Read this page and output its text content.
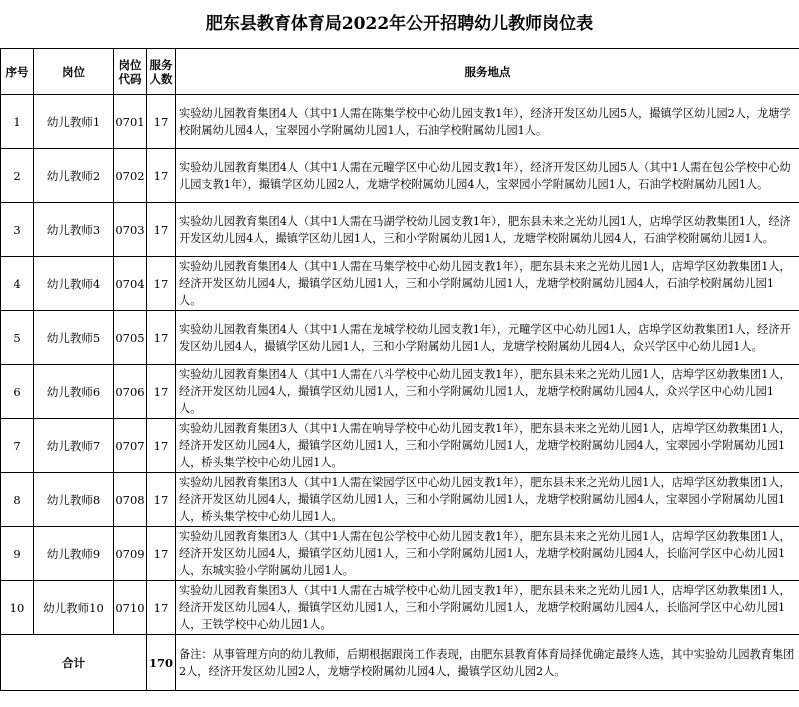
肥东县教育体育局2022年公开招聘幼儿教师岗位表
序号	岗位	岗位代码	服务人数	服务地点
1	幼儿教师1	0701	17	实验幼儿园教育集团4人（其中1人需在陈集学校中心幼儿园支教1年），经济开发区幼儿园5人，撮镇学区幼儿园2人，龙塘学校附属幼儿园4人，宝翠园小学附属幼儿园1人，石油学校附属幼儿园1人。
2	幼儿教师2	0702	17	实验幼儿园教育集团4人（其中1人需在元疃学区中心幼儿园支教1年），经济开发区幼儿园5人（其中1人需在包公学校中心幼儿园支教1年），撮镇学区幼儿园2人，龙塘学校附属幼儿园4人，宝翠园小学附属幼儿园1人，石油学校附属幼儿园1人。
3	幼儿教师3	0703	17	实验幼儿园教育集团4人（其中1人需在马湖学校幼儿园支教1年），肥东县未来之光幼儿园1人，店埠学区幼教集团1人，经济开发区幼儿园4人，撮镇学区幼儿园1人，三和小学附属幼儿园1人，龙塘学校附属幼儿园4人，石油学校附属幼儿园1人。
4	幼儿教师4	0704	17	实验幼儿园教育集团4人（其中1人需在马集学校中心幼儿园支教1年），肥东县未来之光幼儿园1人，店埠学区幼教集团1人，经济开发区幼儿园4人，撮镇学区幼儿园1人，三和小学附属幼儿园1人，龙塘学校附属幼儿园4人，石油学校附属幼儿园1人。
5	幼儿教师5	0705	17	实验幼儿园教育集团4人（其中1人需在龙城学校幼儿园支教1年），元疃学区中心幼儿园1人，店埠学区幼教集团1人，经济开发区幼儿园4人，撮镇学区幼儿园1人，三和小学附属幼儿园1人，龙塘学校附属幼儿园4人，众兴学区中心幼儿园1人。
6	幼儿教师6	0706	17	实验幼儿园教育集团4人（其中1人需在八斗学校中心幼儿园支教1年），肥东县未来之光幼儿园1人，店埠学区幼教集团1人，经济开发区幼儿园4人，撮镇学区幼儿园1人，三和小学附属幼儿园1人，龙塘学校附属幼儿园4人，众兴学区中心幼儿园1人。
7	幼儿教师7	0707	17	实验幼儿园教育集团3人（其中1人需在响导学校中心幼儿园支教1年），肥东县未来之光幼儿园1人，店埠学区幼教集团1人，经济开发区幼儿园4人，撮镇学区幼儿园1人，三和小学附属幼儿园1人，龙塘学校附属幼儿园4人，宝翠园小学附属幼儿园1人，桥头集学校中心幼儿园1人。
8	幼儿教师8	0708	17	实验幼儿园教育集团3人（其中1人需在梁园学区中心幼儿园支教1年），肥东县未来之光幼儿园1人，店埠学区幼教集团1人，经济开发区幼儿园4人，撮镇学区幼儿园1人，三和小学附属幼儿园1人，龙塘学校附属幼儿园4人，宝翠园小学附属幼儿园1人，桥头集学校中心幼儿园1人。
9	幼儿教师9	0709	17	实验幼儿园教育集团3人（其中1人需在包公学校中心幼儿园支教1年），肥东县未来之光幼儿园1人，店埠学区幼教集团1人，经济开发区幼儿园4人，撮镇学区幼儿园1人，三和小学附属幼儿园1人，龙塘学校附属幼儿园4人，长临河学区中心幼儿园1人，东城实验小学附属幼儿园1人。
10	幼儿教师10	0710	17	实验幼儿园教育集团3人（其中1人需在古城学校中心幼儿园支教1年），肥东县未来之光幼儿园1人，店埠学区幼教集团1人，经济开发区幼儿园4人，撮镇学区幼儿园1人，三和小学附属幼儿园1人，龙塘学校附属幼儿园4人，长临河学区中心幼儿园1人，王铁学校中心幼儿园1人。
合计			170	备注：从事管理方向的幼儿教师，后期根据跟岗工作表现，由肥东县教育体育局择优确定最终人选，其中实验幼儿园教育集团2人，经济开发区幼儿园2人，龙塘学校附属幼儿园4人，撮镇学区幼儿园2人。
